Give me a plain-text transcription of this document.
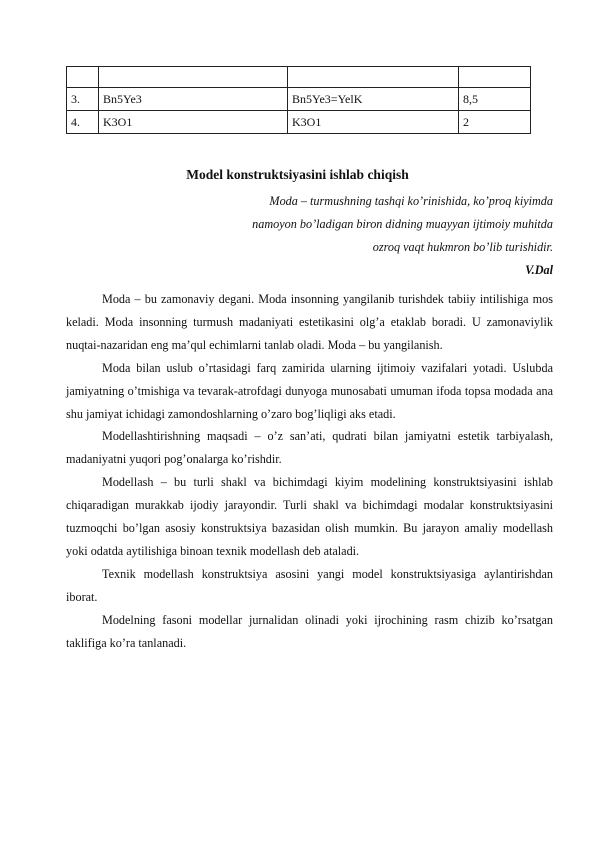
3.	Bn5Ye3	Bn5Ye3=YelK	8,5
4.	K3O1	K3O1	2
Model konstruktsiyasini ishlab chiqish
Moda – turmushning tashqi ko’rinishida, ko’proq kiyimda
namoyon bo’ladigan biron didning muayyan ijtimoiy muhitda
ozroq vaqt hukmron bo’lib turishidir.
V.Dal

Moda – bu zamonaviy degani. Moda insonning yangilanib turishdek tabiiy intilishiga mos keladi. Moda insonning turmush madaniyati estetikasini olg’a etaklab boradi. U zamonaviylik nuqtai-nazaridan eng ma’qul echimlarni tanlab oladi. Moda – bu yangilanish.

Moda bilan uslub o’rtasidagi farq zamirida ularning ijtimoiy vazifalari yotadi. Uslubda jamiyatning o’tmishiga va tevarak-atrofdagi dunyoga munosabati umuman ifoda topsa modada ana shu jamiyat ichidagi zamondoshlarning o’zaro bog’liqligi aks etadi.

Modellashtirishning maqsadi – o’z san’ati, qudrati bilan jamiyatni estetik tarbiyalash, madaniyatni yuqori pog’onalarga ko’rishdir.

Modellash – bu turli shakl va bichimdagi kiyim modelining konstruktsiyasini ishlab chiqaradigan murakkab ijodiy jarayondir. Turli shakl va bichimdagi modalar konstruktsiyasini tuzmoqchi bo’lgan asosiy konstruktsiya bazasidan olish mumkin. Bu jarayon amaliy modellash yoki odatda aytilishiga binoan texnik modellash deb ataladi.

Texnik modellash konstruktsiya asosini yangi model konstruktsiyasiga aylantirishdan iborat.

Modelning fasoni modellar jurnalidan olinadi yoki ijrochining rasm chizib ko’rsatgan taklifiga ko’ra tanlanadi.
